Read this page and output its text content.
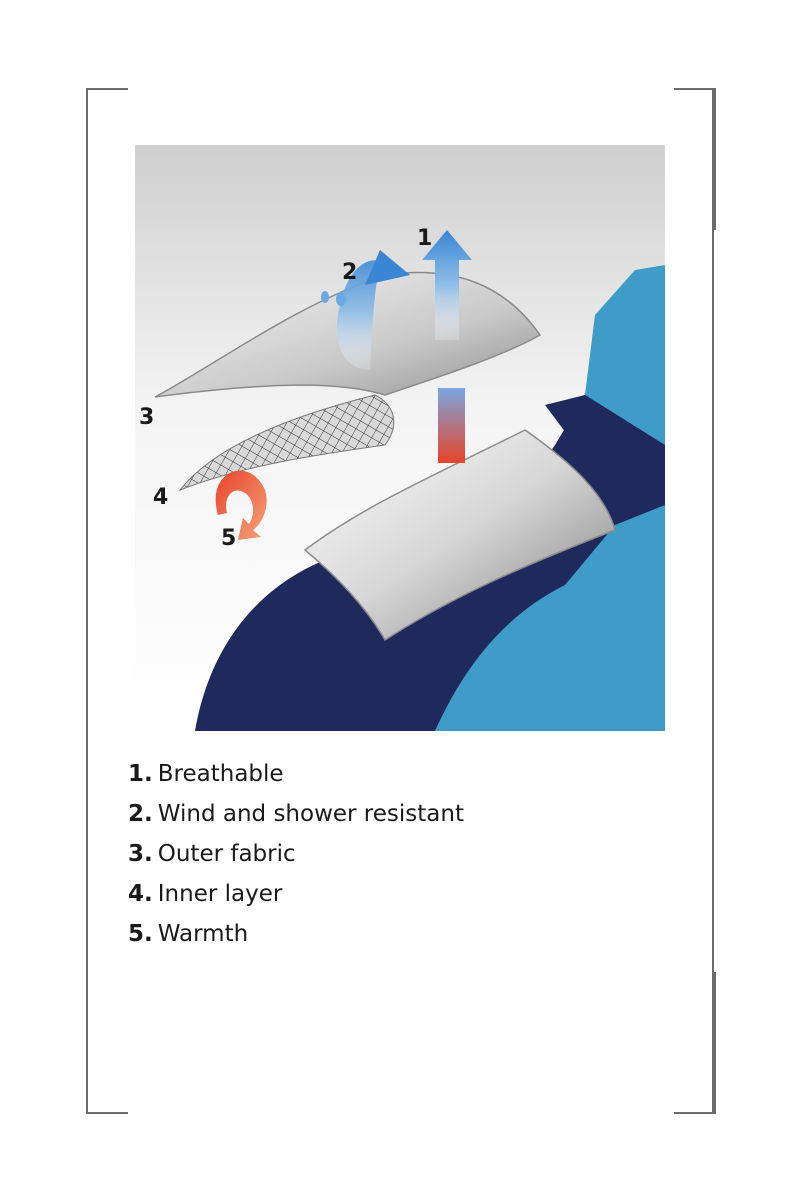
1
2
3
4
5
1. Breathable
2. Wind and shower resistant
3. Outer fabric
4. Inner layer
5. Warmth
